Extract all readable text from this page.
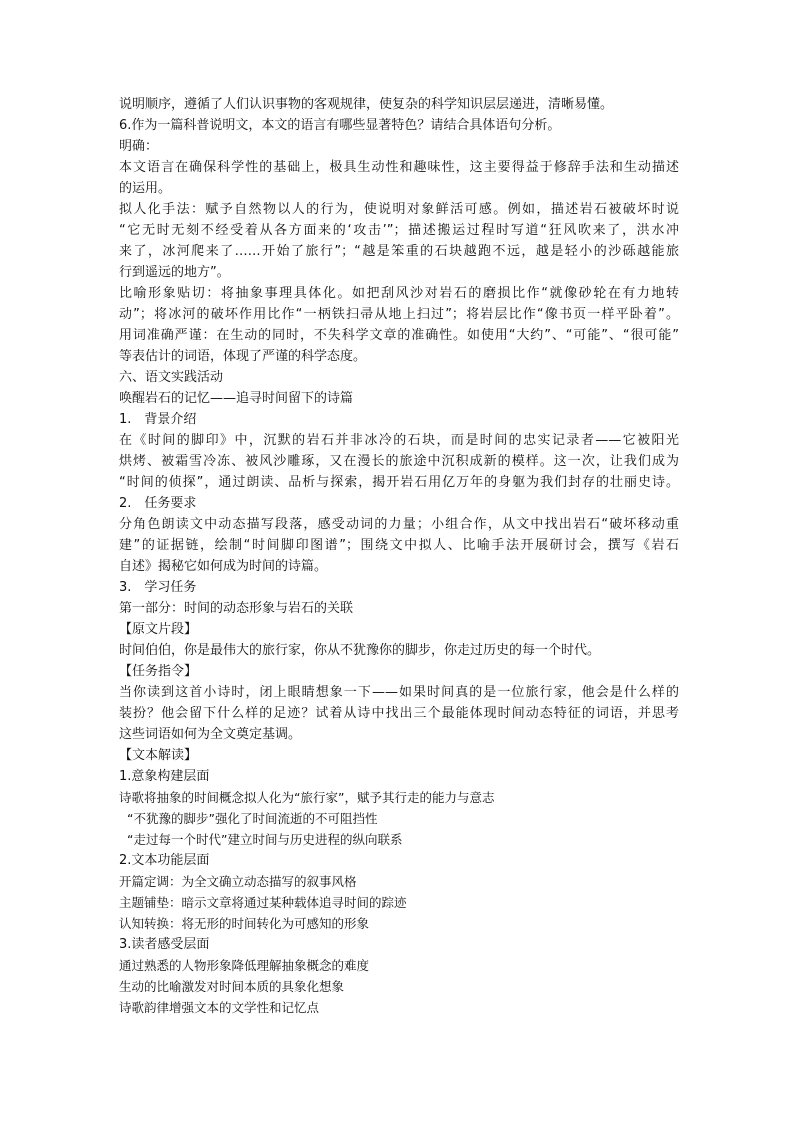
说明顺序，遵循了人们认识事物的客观规律，使复杂的科学知识层层递进，清晰易懂。
6.作为一篇科普说明文，本文的语言有哪些显著特色？请结合具体语句分析。
明确：
本文语言在确保科学性的基础上，极具生动性和趣味性，这主要得益于修辞手法和生动描述
的运用。
拟人化手法：赋予自然物以人的行为，使说明对象鲜活可感。例如，描述岩石被破坏时说
“它无时无刻不经受着从各方面来的‘攻击’”；描述搬运过程时写道“狂风吹来了，洪水冲
来了，冰河爬来了……开始了旅行”；“越是笨重的石块越跑不远，越是轻小的沙砾越能旅
行到遥远的地方”。
比喻形象贴切：将抽象事理具体化。如把刮风沙对岩石的磨损比作“就像砂轮在有力地转
动”；将冰河的破坏作用比作“一柄铁扫帚从地上扫过”；将岩层比作“像书页一样平卧着”。
用词准确严谨：在生动的同时，不失科学文章的准确性。如使用“大约”、“可能”、“很可能”
等表估计的词语，体现了严谨的科学态度。
六、语文实践活动
唤醒岩石的记忆——追寻时间留下的诗篇
1.　背景介绍
在《时间的脚印》中，沉默的岩石并非冰冷的石块，而是时间的忠实记录者——它被阳光
烘烤、被霜雪冷冻、被风沙雕琢，又在漫长的旅途中沉积成新的模样。这一次，让我们成为
“时间的侦探”，通过朗读、品析与探索，揭开岩石用亿万年的身躯为我们封存的壮丽史诗。
2.　任务要求
分角色朗读文中动态描写段落，感受动词的力量；小组合作，从文中找出岩石“破坏移动重
建”的证据链，绘制“时间脚印图谱”；围绕文中拟人、比喻手法开展研讨会，撰写《岩石
自述》揭秘它如何成为时间的诗篇。
3.　学习任务
第一部分：时间的动态形象与岩石的关联
【原文片段】
时间伯伯，你是最伟大的旅行家，你从不犹豫你的脚步，你走过历史的每一个时代。
【任务指令】
当你读到这首小诗时，闭上眼睛想象一下——如果时间真的是一位旅行家，他会是什么样的
装扮？他会留下什么样的足迹？试着从诗中找出三个最能体现时间动态特征的词语，并思考
这些词语如何为全文奠定基调。
【文本解读】
1.意象构建层面
诗歌将抽象的时间概念拟人化为“旅行家”，赋予其行走的能力与意志
“不犹豫的脚步”强化了时间流逝的不可阻挡性
“走过每一个时代”建立时间与历史进程的纵向联系
2.文本功能层面
开篇定调：为全文确立动态描写的叙事风格
主题铺垫：暗示文章将通过某种载体追寻时间的踪迹
认知转换：将无形的时间转化为可感知的形象
3.读者感受层面
通过熟悉的人物形象降低理解抽象概念的难度
生动的比喻激发对时间本质的具象化想象
诗歌韵律增强文本的文学性和记忆点
